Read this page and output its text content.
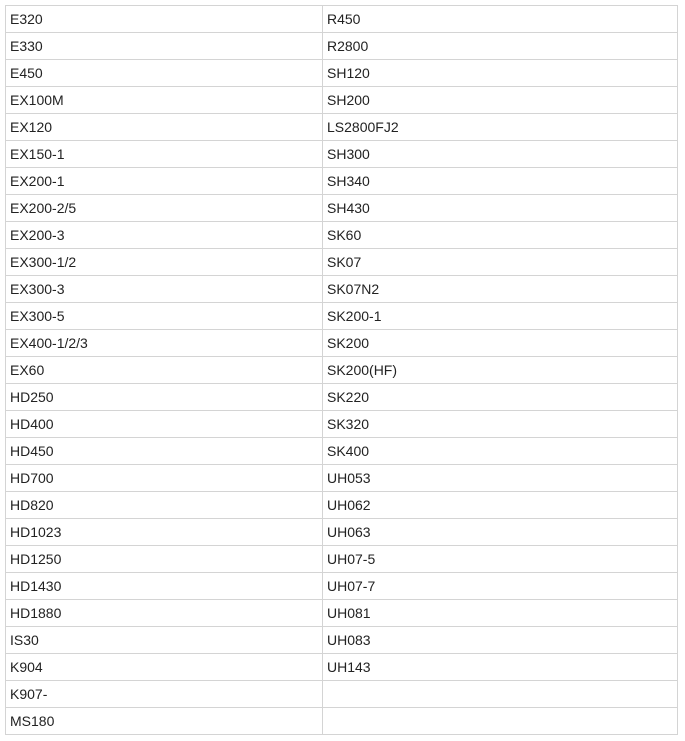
E320	R450
E330	R2800
E450	SH120
EX100M	SH200
EX120	LS2800FJ2
EX150-1	SH300
EX200-1	SH340
EX200-2/5	SH430
EX200-3	SK60
EX300-1/2	SK07
EX300-3	SK07N2
EX300-5	SK200-1
EX400-1/2/3	SK200
EX60	SK200(HF)
HD250	SK220
HD400	SK320
HD450	SK400
HD700	UH053
HD820	UH062
HD1023	UH063
HD1250	UH07-5
HD1430	UH07-7
HD1880	UH081
IS30	UH083
K904	UH143
K907-	
MS180	
